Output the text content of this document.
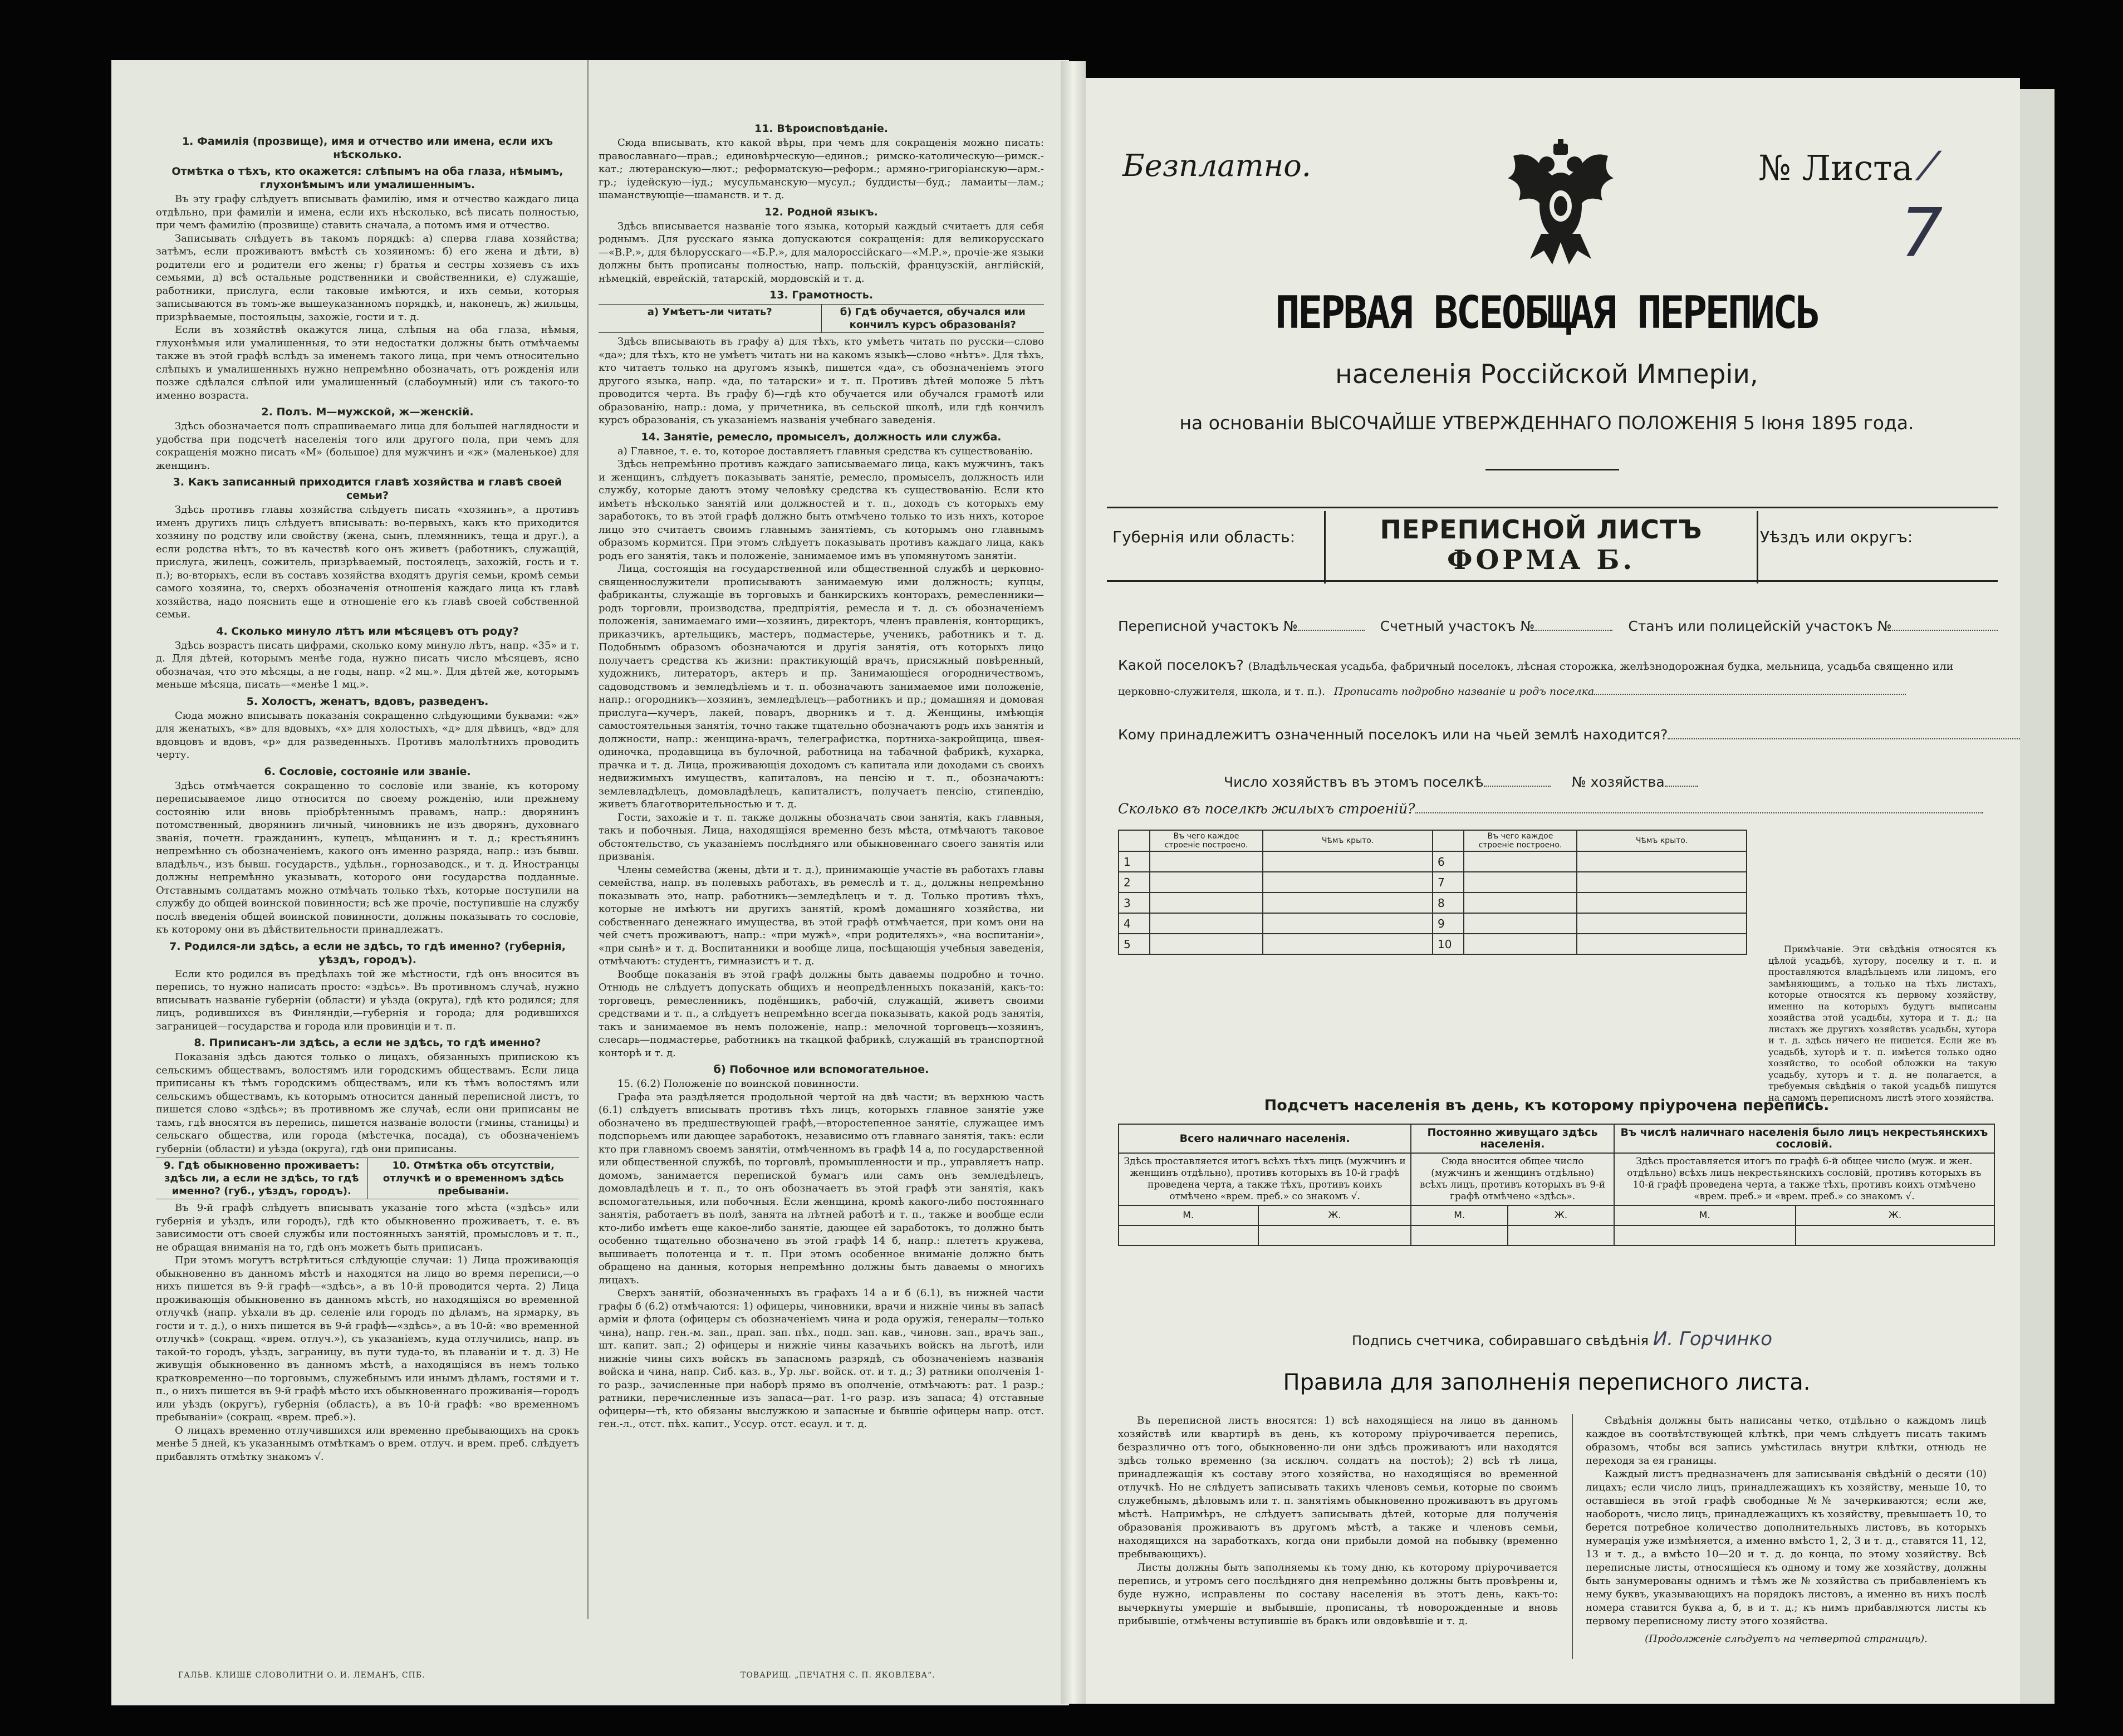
1. Фамилія (прозвище), имя и отчество или имена, если ихъ нѣсколько.
Отмѣтка о тѣхъ, кто окажется: слѣпымъ на оба глаза, нѣмымъ, глухонѣмымъ или умалишеннымъ.

Въ эту графу слѣдуетъ вписывать фамилію, имя и отчество каждаго лица отдѣльно, при фамиліи и имена, если ихъ нѣсколько, всѣ писать полностью, при чемъ фамилію (прозвище) ставить сначала, а потомъ имя и отчество.

Записывать слѣдуетъ въ такомъ порядкѣ: а) сперва глава хозяйства; затѣмъ, если проживаютъ вмѣстѣ съ хозяиномъ: б) его жена и дѣти, в) родители его и родители его жены; г) братья и сестры хозяевъ съ ихъ семьями, д) всѣ остальные родственники и свойственники, е) служащіе, работники, прислуга, если таковые имѣются, и ихъ семьи, которыя записываются въ томъ-же вышеуказанномъ порядкѣ, и, наконецъ, ж) жильцы, призрѣваемые, постояльцы, захожіе, гости и т. д.

Если въ хозяйствѣ окажутся лица, слѣпыя на оба глаза, нѣмыя, глухонѣмыя или умалишенныя, то эти недостатки должны быть отмѣчаемы также въ этой графѣ вслѣдъ за именемъ такого лица, при чемъ относительно слѣпыхъ и умалишенныхъ нужно непремѣнно обозначать, отъ рожденія или позже сдѣлался слѣпой или умалишенный (слабоумный) или съ такого-то именно возраста.

2. Полъ. М—мужской, ж—женскій.

Здѣсь обозначается полъ спрашиваемаго лица для большей наглядности и удобства при подсчетѣ населенія того или другого пола, при чемъ для сокращенія можно писать «М» (большое) для мужчинъ и «ж» (маленькое) для женщинъ.

3. Какъ записанный приходится главѣ хозяйства и главѣ своей семьи?

Здѣсь противъ главы хозяйства слѣдуетъ писать «хозяинъ», а противъ именъ другихъ лицъ слѣдуетъ вписывать: во-первыхъ, какъ кто приходится хозяину по родству или свойству (жена, сынъ, племянникъ, теща и друг.), а если родства нѣтъ, то въ качествѣ кого онъ живетъ (работникъ, служащій, прислуга, жилецъ, сожитель, призрѣваемый, постоялецъ, захожій, гость и т. п.); во-вторыхъ, если въ составъ хозяйства входятъ другія семьи, кромѣ семьи самого хозяина, то, сверхъ обозначенія отношенія каждаго лица къ главѣ хозяйства, надо пояснить еще и отношеніе его къ главѣ своей собственной семьи.

4. Сколько минуло лѣтъ или мѣсяцевъ отъ роду?

Здѣсь возрастъ писать цифрами, сколько кому минуло лѣтъ, напр. «35» и т. д. Для дѣтей, которымъ менѣе года, нужно писать число мѣсяцевъ, ясно обозначая, что это мѣсяцы, а не годы, напр. «2 мц.». Для дѣтей же, которымъ меньше мѣсяца, писать—«менѣе 1 мц.».

5. Холостъ, женатъ, вдовъ, разведенъ.

Сюда можно вписывать показанія сокращенно слѣдующими буквами: «ж» для женатыхъ, «в» для вдовыхъ, «х» для холостыхъ, «д» для дѣвицъ, «вд» для вдовцовъ и вдовъ, «р» для разведенныхъ. Противъ малолѣтнихъ проводить черту.

6. Сословіе, состояніе или званіе.

Здѣсь отмѣчается сокращенно то сословіе или званіе, къ которому переписываемое лицо относится по своему рожденію, или прежнему состоянію или вновь пріобрѣтеннымъ правамъ, напр.: дворянинъ потомственный, дворянинъ личный, чиновникъ не изъ дворянъ, духовнаго званія, почетн. гражданинъ, купецъ, мѣщанинъ и т. д.; крестьянинъ непремѣнно съ обозначеніемъ, какого онъ именно разряда, напр.: изъ бывш. владѣльч., изъ бывш. государств., удѣльн., горнозаводск., и т. д. Иностранцы должны непремѣнно указывать, которого они государства подданные. Отставнымъ солдатамъ можно отмѣчать только тѣхъ, которые поступили на службу до общей воинской повинности; всѣ же прочіе, поступившіе на службу послѣ введенія общей воинской повинности, должны показывать то сословіе, къ которому они въ дѣйствительности принадлежатъ.

7. Родился-ли здѣсь, а если не здѣсь, то гдѣ именно? (губернія, уѣздъ, городъ).

Если кто родился въ предѣлахъ той же мѣстности, гдѣ онъ вносится въ перепись, то нужно написать просто: «здѣсь». Въ противномъ случаѣ, нужно вписывать названіе губерніи (области) и уѣзда (округа), гдѣ кто родился; для лицъ, родившихся въ Финляндіи,—губернія и города; для родившихся заграницей—государства и города или провинціи и т. п.

8. Приписанъ-ли здѣсь, а если не здѣсь, то гдѣ именно?

Показанія здѣсь даются только о лицахъ, обязанныхъ припискою къ сельскимъ обществамъ, волостямъ или городскимъ обществамъ. Если лица приписаны къ тѣмъ городскимъ обществамъ, или къ тѣмъ волостямъ или сельскимъ обществамъ, къ которымъ относится данный переписной листъ, то пишется слово «здѣсь»; въ противномъ же случаѣ, если они приписаны не тамъ, гдѣ вносятся въ перепись, пишется названіе волости (гмины, станицы) и сельскаго общества, или города (мѣстечка, посада), съ обозначеніемъ губерніи (области) и уѣзда (округа), гдѣ они приписаны.

9. Гдѣ обыкновенно проживаетъ: здѣсь ли, а если не здѣсь, то гдѣ именно? (губ., уѣздъ, городъ).
10. Отмѣтка объ отсутствіи, отлучкѣ и о временномъ здѣсь пребываніи.

Въ 9-й графѣ слѣдуетъ вписывать указаніе того мѣста («здѣсь» или губернія и уѣздъ, или городъ), гдѣ кто обыкновенно проживаетъ, т. е. въ зависимости отъ своей службы или постоянныхъ занятій, промысловъ и т. п., не обращая вниманія на то, гдѣ онъ можетъ быть приписанъ.

При этомъ могутъ встрѣтиться слѣдующіе случаи: 1) Лица проживающія обыкновенно въ данномъ мѣстѣ и находятся на лицо во время переписи,—о нихъ пишется въ 9-й графѣ—«здѣсь», а въ 10-й проводится черта. 2) Лица проживающія обыкновенно въ данномъ мѣстѣ, но находящіяся во временной отлучкѣ (напр. уѣхали въ др. селеніе или городъ по дѣламъ, на ярмарку, въ гости и т. д.), о нихъ пишется въ 9-й графѣ—«здѣсь», а въ 10-й: «во временной отлучкѣ» (сокращ. «врем. отлуч.»), съ указаніемъ, куда отлучились, напр. въ такой-то городъ, уѣздъ, заграницу, въ пути тудa-то, въ плаваніи и т. д. 3) Не живущія обыкновенно въ данномъ мѣстѣ, а находящіяся въ немъ только кратковременно—по торговымъ, служебнымъ или инымъ дѣламъ, гостями и т. п., о нихъ пишется въ 9-й графѣ мѣсто ихъ обыкновеннаго проживанія—городъ или уѣздъ (округъ), губернія (область), а въ 10-й графѣ: «во временномъ пребываніи» (сокращ. «врем. преб.»).

О лицахъ временно отлучившихся или временно пребывающихъ на срокъ менѣе 5 дней, къ указаннымъ отмѣткамъ о врем. отлуч. и врем. преб. слѣдуетъ прибавлять отмѣтку знакомъ √.

11. Вѣроисповѣданіе.

Сюда вписывать, кто какой вѣры, при чемъ для сокращенія можно писать: православнаго—прав.; единовѣрческую—единов.; римско-католическую—римск.-кат.; лютеранскую—лют.; реформатскую—реформ.; армяно-григоріанскую—арм.-гр.; іудейскую—іуд.; мусульманскую—мусул.; буддисты—буд.; ламаиты—лам.; шаманствующіе—шаманств. и т. д.

12. Родной языкъ.

Здѣсь вписывается названіе того языка, который каждый считаетъ для себя роднымъ. Для русскаго языка допускаются сокращенія: для великорусскаго—«В.Р.», для бѣлорусскаго—«Б.Р.», для малороссійскаго—«М.Р.», прочіе-же языки должны быть прописаны полностью, напр. польскій, французскій, англійскій, нѣмецкій, еврейскій, татарскій, мордовскій и т. д.

13. Грамотность.
а) Умѣетъ-ли читать?	б) Гдѣ обучается, обучался или кончилъ курсъ образованія?

Здѣсь вписывають въ графу а) для тѣхъ, кто умѣетъ читать по русски—слово «да»; для тѣхъ, кто не умѣетъ читать ни на какомъ языкѣ—слово «нѣтъ». Для тѣхъ, кто читаетъ только на другомъ языкѣ, пишется «да», съ обозначеніемъ этого другого языка, напр. «да, по татарски» и т. п. Противъ дѣтей моложе 5 лѣтъ проводится черта. Въ графу б)—гдѣ кто обучается или обучался грамотѣ или образованію, напр.: дома, у причетника, въ сельской школѣ, или гдѣ кончилъ курсъ образованія, съ указаніемъ названія учебнаго заведенія.

14. Занятіе, ремесло, промыселъ, должность или служба.

а) Главное, т. е. то, которое доставляетъ главныя средства къ существованію.

Здѣсь непремѣнно противъ каждаго записываемаго лица, какъ мужчинъ, такъ и женщинъ, слѣдуетъ показывать занятіе, ремесло, промыселъ, должность или службу, которые даютъ этому человѣку средства къ существованію. Если кто имѣетъ нѣсколько занятій или должностей и т. п., доходъ съ которыхъ ему заработокъ, то въ этой графѣ должно быть отмѣчено только то изъ нихъ, которое лицо это считаетъ своимъ главнымъ занятіемъ, съ которымъ оно главнымъ образомъ кормится. При этомъ слѣдуетъ показывать противъ каждаго лица, какъ родъ его занятія, такъ и положеніе, занимаемое имъ въ упомянутомъ занятіи.

Лица, состоящія на государственной или общественной службѣ и церковно-священнослужители прописываютъ занимаемую ими должность; купцы, фабриканты, служащіе въ торговыхъ и банкирскихъ конторахъ, ремесленники—родъ торговли, производства, предпріятія, ремесла и т. д. съ обозначеніемъ положенія, занимаемаго ими—хозяинъ, директоръ, членъ правленія, конторщикъ, приказчикъ, артельщикъ, мастеръ, подмастерье, ученикъ, работникъ и т. д. Подобнымъ образомъ обозначаются и другія занятія, отъ которыхъ лицо получаетъ средства къ жизни: практикующій врачъ, присяжный повѣренный, художникъ, литераторъ, актеръ и пр. Занимающіеся огородничествомъ, садоводствомъ и земледѣліемъ и т. п. обозначаютъ занимаемое ими положеніе, напр.: огородникъ—хозяинъ, земледѣлецъ—работникъ и пр.; домашняя и домовая прислуга—кучеръ, лакей, поваръ, дворникъ и т. д. Женщины, имѣющія самостоятельныя занятія, точно также тщательно обозначаютъ родъ ихъ занятія и должности, напр.: женщина-врачъ, телеграфистка, портниха-закройщица, швея-одиночка, продавщица въ булочной, работница на табачной фабрикѣ, кухарка, прачка и т. д. Лица, проживающія доходомъ съ капитала или доходами съ своихъ недвижимыхъ имуществъ, капиталовъ, на пенсію и т. п., обозначаютъ: землевладѣлецъ, домовладѣлецъ, капиталистъ, получаетъ пенсію, стипендію, живетъ благотворительностью и т. д.

Гости, захожіе и т. п. также должны обозначать свои занятія, какъ главныя, такъ и побочныя. Лица, находящіяся временно безъ мѣста, отмѣчаютъ таковое обстоятельство, съ указаніемъ послѣдняго или обыкновеннаго своего занятія или призванія.

Члены семейства (жены, дѣти и т. д.), принимающіе участіе въ работахъ главы семейства, напр. въ полевыхъ работахъ, въ ремеслѣ и т. д., должны непремѣнно показывать это, напр. работникъ—земледѣлецъ и т. д. Только противъ тѣхъ, которые не имѣютъ ни другихъ занятій, кромѣ домашняго хозяйства, ни собственнаго денежнаго имущества, въ этой графѣ отмѣчается, при комъ они на чей счетъ проживаютъ, напр.: «при мужѣ», «при родителяхъ», «на воспитаніи», «при сынѣ» и т. д. Воспитанники и вообще лица, посѣщающія учебныя заведенія, отмѣчаютъ: студентъ, гимназистъ и т. д.

Вообще показанія въ этой графѣ должны быть даваемы подробно и точно. Отнюдь не слѣдуетъ допускать общихъ и неопредѣленныхъ показаній, какъ-то: торговецъ, ремесленникъ, подёнщикъ, рабочій, служащій, живетъ своими средствами и т. п., а слѣдуетъ непремѣнно всегда показывать, какой родъ занятія, такъ и занимаемое въ немъ положеніе, напр.: мелочной торговецъ—хозяинъ, слесарь—подмастерье, работникъ на ткацкой фабрикѣ, служащій въ транспортной конторѣ и т. д.

б) Побочное или вспомогательное.

15. (6.2) Положеніе по воинской повинности.

Графа эта раздѣляется продольной чертой на двѣ части; въ верхнюю часть (6.1) слѣдуетъ вписывать противъ тѣхъ лицъ, которыхъ главное занятіе уже обозначено въ предшествующей графѣ,—второстепенное занятіе, служащее имъ подспорьемъ или дающее заработокъ, независимо отъ главнаго занятія, такъ: если кто при главномъ своемъ занятіи, отмѣченномъ въ графѣ 14 а, по государственной или общественной службѣ, по торговлѣ, промышленности и пр., управляетъ напр. домомъ, занимается перепиской бумагъ или самъ онъ земледѣлецъ, домовладѣлецъ и т. п., то онъ обозначаетъ въ этой графѣ эти занятія, какъ вспомогательныя, или побочныя. Если женщина, кромѣ какого-либо постояннаго занятія, работаетъ въ полѣ, занята на лѣтней работѣ и т. п., также и вообще если кто-либо имѣетъ еще какое-либо занятіе, дающее ей заработокъ, то должно быть особенно тщательно обозначено въ этой графѣ 14 б, напр.: плететъ кружева, вышиваетъ полотенца и т. п. При этомъ особенное вниманіе должно быть обращено на данныя, которыя непремѣнно должны быть даваемы о многихъ лицахъ.

Сверхъ занятій, обозначенныхъ въ графахъ 14 а и б (6.1), въ нижней части графы б (6.2) отмѣчаются: 1) офицеры, чиновники, врачи и нижніе чины въ запасѣ арміи и флота (офицеры съ обозначеніемъ чина и рода оружія, генералы—только чина), напр. ген.-м. зап., прап. зап. пѣх., подп. зап. кав., чиновн. зап., врачъ зап., шт. капит. зап.; 2) офицеры и нижніе чины казачьихъ войскъ на льготѣ, или нижніе чины сихъ войскъ въ запасномъ разрядѣ, съ обозначеніемъ названія войска и чина, напр. Сиб. каз. в., Ур. льг. войск. от. и т. д.; 3) ратники ополченія 1-го разр., зачисленные при наборѣ прямо въ ополченіе, отмѣчаютъ: рат. 1 разр.; ратники, перечисленные изъ запаса—рат. 1-го разр. изъ запаса; 4) отставные офицеры—тѣ, кто обязаны выслужкою и запасные и бывшіе офицеры напр. отст. ген.-л., отст. пѣх. капит., Уссур. отст. есаул. и т. д.

ГАЛЬВ. КЛИШЕ СЛОВОЛИТНИ О. И. ЛЕМАНЪ, СПБ.	ТОВАРИЩ. „ПЕЧАТНЯ С. П. ЯКОВЛЕВА“.
Безплатно.	№ Листа ⁄
7
ПЕРВАЯ ВСЕОБЩАЯ ПЕРЕПИСЬ
населенія Россійской Имперіи,
на основаніи ВЫСОЧАЙШЕ УТВЕРЖДЕННАГО ПОЛОЖЕНІЯ 5 Іюня 1895 года.
Губернія или область:	ПЕРЕПИСНОЙ ЛИСТЪ
ФОРМА Б.
Уѣздъ или округъ:
Переписной участокъ №	Счетный участокъ №	Станъ или полицейскій участокъ №
Какой поселокъ? (Владѣльческая усадьба, фабричный поселокъ, лѣсная сторожка, желѣзнодорожная будка, мельница, усадьба священно или
церковно-служителя, школа, и т. п.). Прописать подробно названіе и родъ поселка
Кому принадлежитъ означенный поселокъ или на чьей землѣ находится?
Число хозяйствъ въ этомъ поселкѣ	№ хозяйства
Сколько въ поселкѣ жилыхъ строеній?
	Въ чего каждое строеніе построено.	Чѣмъ крыто.		Въ чего каждое строеніе построено.	Чѣмъ крыто.
1			6		
2			7		
3			8		
4			9		
5			10			Примѣчаніе. Эти свѣдѣнія относятся къ цѣлой усадьбѣ, хутору, поселку и т. п. и проставляются владѣльцемъ или лицомъ, его замѣняющимъ, а только на тѣхъ листахъ, которые относятся къ первому хозяйству, именно на которыхъ будутъ выписаны хозяйства этой усадьбы, хутора и т. д.; на листахъ же другихъ хозяйствъ усадьбы, хутора и т. д. здѣсь ничего не пишется. Если же въ усадьбѣ, хуторѣ и т. п. имѣется только одно хозяйство, то особой обложки на такую усадьбу, хуторъ и т. д. не полагается, а требуемыя свѣдѣнія о такой усадьбѣ пишутся на самомъ переписномъ листѣ этого хозяйства.

Подсчетъ населенія въ день, къ которому пріурочена перепись.
Всего наличнаго населенія.		Постоянно живущаго здѣсь населенія.		Въ числѣ наличнаго населенія было лицъ некрестьянскихъ сословій.	
Здѣсь проставляется итогъ всѣхъ тѣхъ лицъ (мужчинъ и женщинъ отдѣльно), противъ которыхъ въ 10-й графѣ проведена черта, а также тѣхъ, противъ коихъ отмѣчено «врем. преб.» со знакомъ √.		Сюда вносится общее число (мужчинъ и женщинъ отдѣльно) всѣхъ лицъ, противъ которыхъ въ 9-й графѣ отмѣчено «здѣсь».		Здѣсь проставляется итогъ по графѣ 6-й общее число (муж. и жен. отдѣльно) всѣхъ лицъ некрестьянскихъ сословій, противъ которыхъ въ 10-й графѣ проведена черта, а также тѣхъ, противъ коихъ отмѣчено «врем. преб.» и «врем. преб.» со знакомъ √.	
М.	Ж.	М.	Ж.	М.	Ж.

Подпись счетчика, собиравшаго свѣдѣнія И. Горчинко
Правила для заполненія переписного листа.

Въ переписной листъ вносятся: 1) всѣ находящіеся на лицо въ данномъ хозяйствѣ или квартирѣ въ день, къ которому пріурочивается перепись, безразлично отъ того, обыкновенно-ли они здѣсь проживаютъ или находятся здѣсь только временно (за исключ. солдатъ на постоѣ); 2) всѣ тѣ лица, принадлежащія къ составу этого хозяйства, но находящіяся во временной отлучкѣ. Но не слѣдуетъ записывать такихъ членовъ семьи, которые по своимъ служебнымъ, дѣловымъ или т. п. занятіямъ обыкновенно проживаютъ въ другомъ мѣстѣ. Напримѣръ, не слѣдуетъ записывать дѣтей, которые для полученія образованія проживаютъ въ другомъ мѣстѣ, а также и членовъ семьи, находящихся на заработкахъ, когда они прибыли домой на побывку (временно пребывающихъ).

Листы должны быть заполняемы къ тому дню, къ которому пріурочивается перепись, и утромъ сего послѣдняго дня непремѣнно должны быть провѣрены и, буде нужно, исправлены по составу населенія въ этотъ день, какъ-то: вычеркнуты умершіе и выбывшіе, прописаны, тѣ новорожденные и вновь прибывшіе, отмѣчены вступившіе въ бракъ или овдовѣвшіе и т. д.

Свѣдѣнія должны быть написаны четко, отдѣльно о каждомъ лицѣ каждое въ соотвѣтствующей клѣткѣ, при чемъ слѣдуетъ писать такимъ образомъ, чтобы вся запись умѣстилась внутри клѣтки, отнюдь не переходя за ея границы.

Каждый листъ предназначенъ для записыванія свѣдѣній о десяти (10) лицахъ; если число лицъ, принадлежащихъ къ хозяйству, меньше 10, то оставшіеся въ этой графѣ свободные №№ зачеркиваются; если же, наоборотъ, число лицъ, принадлежащихъ къ хозяйству, превышаетъ 10, то берется потребное количество дополнительныхъ листовъ, въ которыхъ нумерація уже измѣняется, а именно вмѣсто 1, 2, 3 и т. д., ставятся 11, 12, 13 и т. д., а вмѣсто 10—20 и т. д. до конца, по этому хозяйству. Всѣ переписные листы, относящіеся къ одному и тому же хозяйству, должны быть занумерованы однимъ и тѣмъ же № хозяйства съ прибавленіемъ къ нему буквъ, указывающихъ на порядокъ листовъ, а именно въ нихъ послѣ номера ставится буква а, б, в и т. д.; къ нимъ прибавляются листы къ первому переписному листу этого хозяйства.

(Продолженіе слѣдуетъ на четвертой страницѣ).
